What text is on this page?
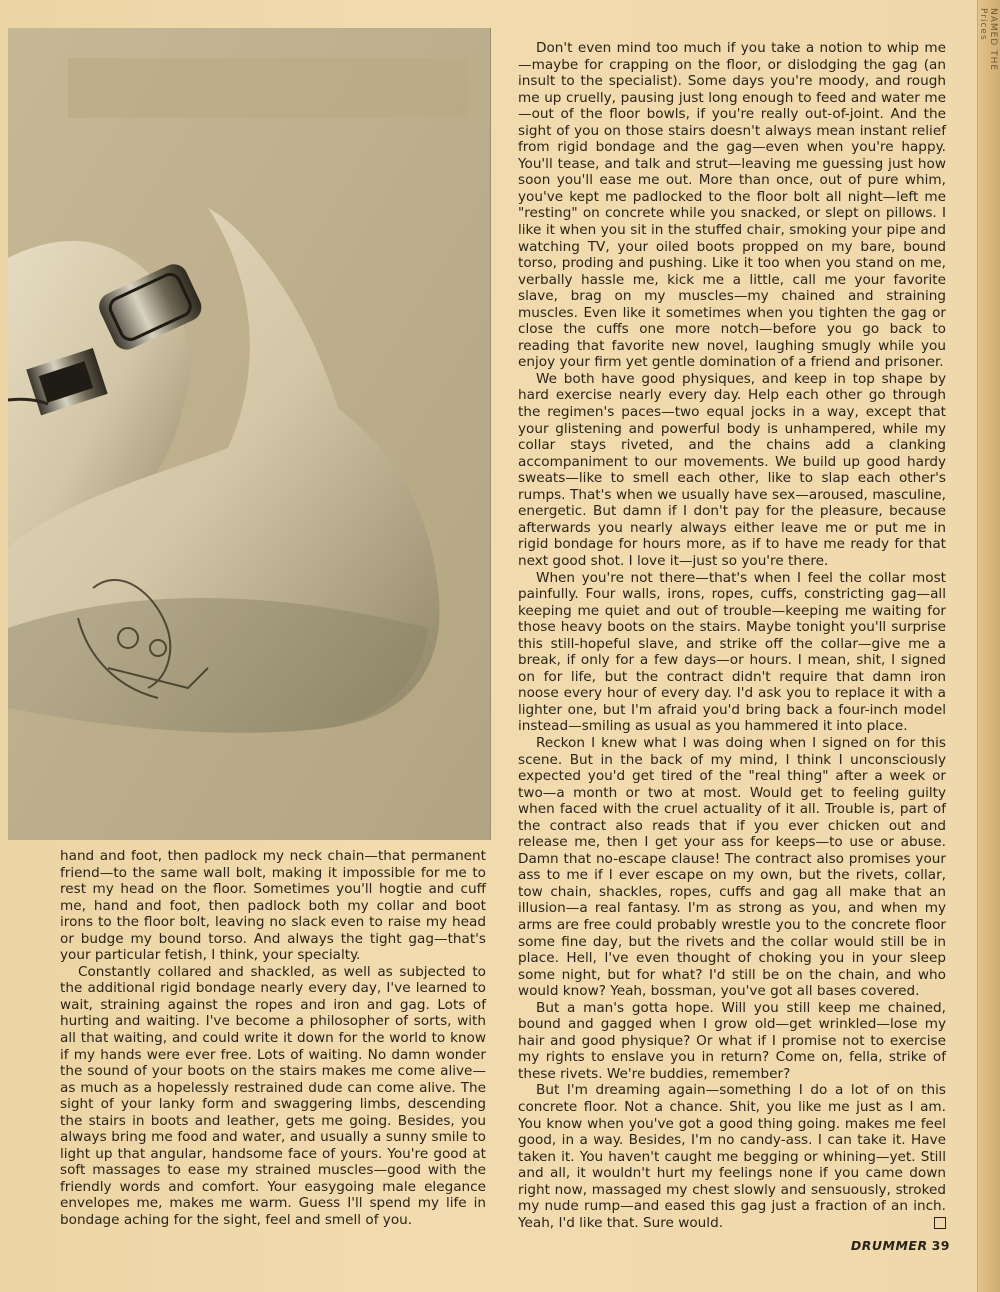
hand and foot, then padlock my neck chain—that permanent friend—to the same wall bolt, making it impossible for me to rest my head on the floor. Sometimes you'll hogtie and cuff me, hand and foot, then padlock both my collar and boot irons to the floor bolt, leaving no slack even to raise my head or budge my bound torso. And always the tight gag—that's your particular fetish, I think, your specialty.

Constantly collared and shackled, as well as subjected to the additional rigid bondage nearly every day, I've learned to wait, straining against the ropes and iron and gag. Lots of hurting and waiting. I've become a philosopher of sorts, with all that waiting, and could write it down for the world to know if my hands were ever free. Lots of waiting. No damn wonder the sound of your boots on the stairs makes me come alive—as much as a hopelessly restrained dude can come alive. The sight of your lanky form and swaggering limbs, descending the stairs in boots and leather, gets me going. Besides, you always bring me food and water, and usually a sunny smile to light up that angular, handsome face of yours. You're good at soft massages to ease my strained muscles—good with the friendly words and comfort. Your easygoing male elegance envelopes me, makes me warm. Guess I'll spend my life in bondage aching for the sight, feel and smell of you.

Don't even mind too much if you take a notion to whip me—maybe for crapping on the floor, or dislodging the gag (an insult to the specialist). Some days you're moody, and rough me up cruelly, pausing just long enough to feed and water me—out of the floor bowls, if you're really out-of-joint. And the sight of you on those stairs doesn't always mean instant relief from rigid bondage and the gag—even when you're happy. You'll tease, and talk and strut—leaving me guessing just how soon you'll ease me out. More than once, out of pure whim, you've kept me padlocked to the floor bolt all night—left me "resting" on concrete while you snacked, or slept on pillows. I like it when you sit in the stuffed chair, smoking your pipe and watching TV, your oiled boots propped on my bare, bound torso, proding and pushing. Like it too when you stand on me, verbally hassle me, kick me a little, call me your favorite slave, brag on my muscles—my chained and straining muscles. Even like it sometimes when you tighten the gag or close the cuffs one more notch—before you go back to reading that favorite new novel, laughing smugly while you enjoy your firm yet gentle domination of a friend and prisoner.

We both have good physiques, and keep in top shape by hard exercise nearly every day. Help each other go through the regimen's paces—two equal jocks in a way, except that your glistening and powerful body is unhampered, while my collar stays riveted, and the chains add a clanking accompaniment to our movements. We build up good hardy sweats—like to smell each other, like to slap each other's rumps. That's when we usually have sex—aroused, masculine, energetic. But damn if I don't pay for the pleasure, because afterwards you nearly always either leave me or put me in rigid bondage for hours more, as if to have me ready for that next good shot. I love it—just so you're there.

When you're not there—that's when I feel the collar most painfully. Four walls, irons, ropes, cuffs, constricting gag—all keeping me quiet and out of trouble—keeping me waiting for those heavy boots on the stairs. Maybe tonight you'll surprise this still-hopeful slave, and strike off the collar—give me a break, if only for a few days—or hours. I mean, shit, I signed on for life, but the contract didn't require that damn iron noose every hour of every day. I'd ask you to replace it with a lighter one, but I'm afraid you'd bring back a four-inch model instead—smiling as usual as you hammered it into place.

Reckon I knew what I was doing when I signed on for this scene. But in the back of my mind, I think I unconsciously expected you'd get tired of the "real thing" after a week or two—a month or two at most. Would get to feeling guilty when faced with the cruel actuality of it all. Trouble is, part of the contract also reads that if you ever chicken out and release me, then I get your ass for keeps—to use or abuse. Damn that no-escape clause! The contract also promises your ass to me if I ever escape on my own, but the rivets, collar, tow chain, shackles, ropes, cuffs and gag all make that an illusion—a real fantasy. I'm as strong as you, and when my arms are free could probably wrestle you to the concrete floor some fine day, but the rivets and the collar would still be in place. Hell, I've even thought of choking you in your sleep some night, but for what? I'd still be on the chain, and who would know? Yeah, bossman, you've got all bases covered.

But a man's gotta hope. Will you still keep me chained, bound and gagged when I grow old—get wrinkled—lose my hair and good physique? Or what if I promise not to exercise my rights to enslave you in return? Come on, fella, strike of these rivets. We're buddies, remember?

But I'm dreaming again—something I do a lot of on this concrete floor. Not a chance. Shit, you like me just as I am. You know when you've got a good thing going. makes me feel good, in a way. Besides, I'm no candy-ass. I can take it. Have taken it. You haven't caught me begging or whining—yet. Still and all, it wouldn't hurt my feelings none if you came down right now, massaged my chest slowly and sensuously, stroked my nude rump—and eased this gag just a fraction of an inch. Yeah, I'd like that. Sure would.

DRUMMER 39
NAMED THE Prices
